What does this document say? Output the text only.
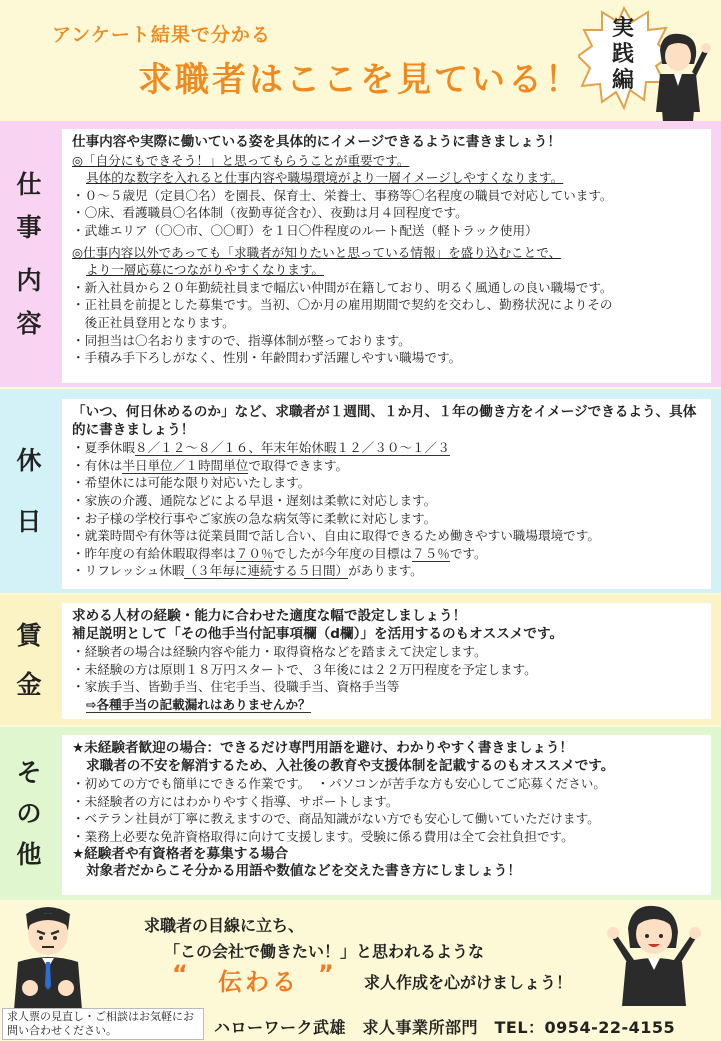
アンケート結果で分かる
求職者はここを見ている！
実践編
仕
事
内
容
仕事内容や実際に働いている姿を具体的にイメージできるように書きましょう！
◎「自分にもできそう！」と思ってもらうことが重要です。
具体的な数字を入れると仕事内容や職場環境がより一層イメージしやすくなります。
・０～５歳児（定員〇名）を園長、保育士、栄養士、事務等〇名程度の職員で対応しています。
・〇床、看護職員〇名体制（夜勤専従含む）、夜勤は月４回程度です。
・武雄エリア（〇〇市、〇〇町）を１日〇件程度のルート配送（軽トラック使用）
◎仕事内容以外であっても「求職者が知りたいと思っている情報」を盛り込むことで、
より一層応募につながりやすくなります。
・新入社員から２０年勤続社員まで幅広い仲間が在籍しており、明るく風通しの良い職場です。
・正社員を前提とした募集です。当初、〇か月の雇用期間で契約を交わし、勤務状況によりその
　後正社員登用となります。
・同担当は〇名おりますので、指導体制が整っております。
・手積み手下ろしがなく、性別・年齢問わず活躍しやすい職場です。
休
日
「いつ、何日休めるのか」など、求職者が１週間、１か月、１年の働き方をイメージできるよう、具体的に書きましょう！
・夏季休暇８／１２～８／１６、年末年始休暇１２／３０～１／３
・有休は半日単位／１時間単位で取得できます。
・希望休には可能な限り対応いたします。
・家族の介護、通院などによる早退・遅刻は柔軟に対応します。
・お子様の学校行事やご家族の急な病気等に柔軟に対応します。
・就業時間や有休等は従業員間で話し合い、自由に取得できるため働きやすい職場環境です。
・昨年度の有給休暇取得率は７０％でしたが今年度の目標は７５％です。
・リフレッシュ休暇（３年毎に連続する５日間）があります。
賃
金
求める人材の経験・能力に合わせた適度な幅で設定しましょう！
補足説明として「その他手当付記事項欄（d欄）」を活用するのもオススメです。
・経験者の場合は経験内容や能力・取得資格などを踏まえて決定します。
・未経験の方は原則１８万円スタートで、３年後には２２万円程度を予定します。
・家族手当、皆勤手当、住宅手当、役職手当、資格手当等
⇨各種手当の記載漏れはありませんか？
そ
の
他
★未経験者歓迎の場合：できるだけ専門用語を避け、わかりやすく書きましょう！
求職者の不安を解消するため、入社後の教育や支援体制を記載するのもオススメです。
・初めての方でも簡単にできる作業です。　・パソコンが苦手な方も安心してご応募ください。
・未経験者の方にはわかりやすく指導、サポートします。
・ベテラン社員が丁寧に教えますので、商品知識がない方でも安心して働いていただけます。
・業務上必要な免許資格取得に向けて支援します。受験に係る費用は全て会社負担です。
★経験者や有資格者を募集する場合
対象者だからこそ分かる用語や数値などを交えた書き方にしましょう！
求職者の目線に立ち、
「この会社で働きたい！」と思われるような
“ 伝わる ” 求人作成を心がけましょう！
求人票の見直し・ご相談はお気軽にお問い合わせください。	ハローワーク武雄　求人事業所部門　TEL：0954-22-4155
